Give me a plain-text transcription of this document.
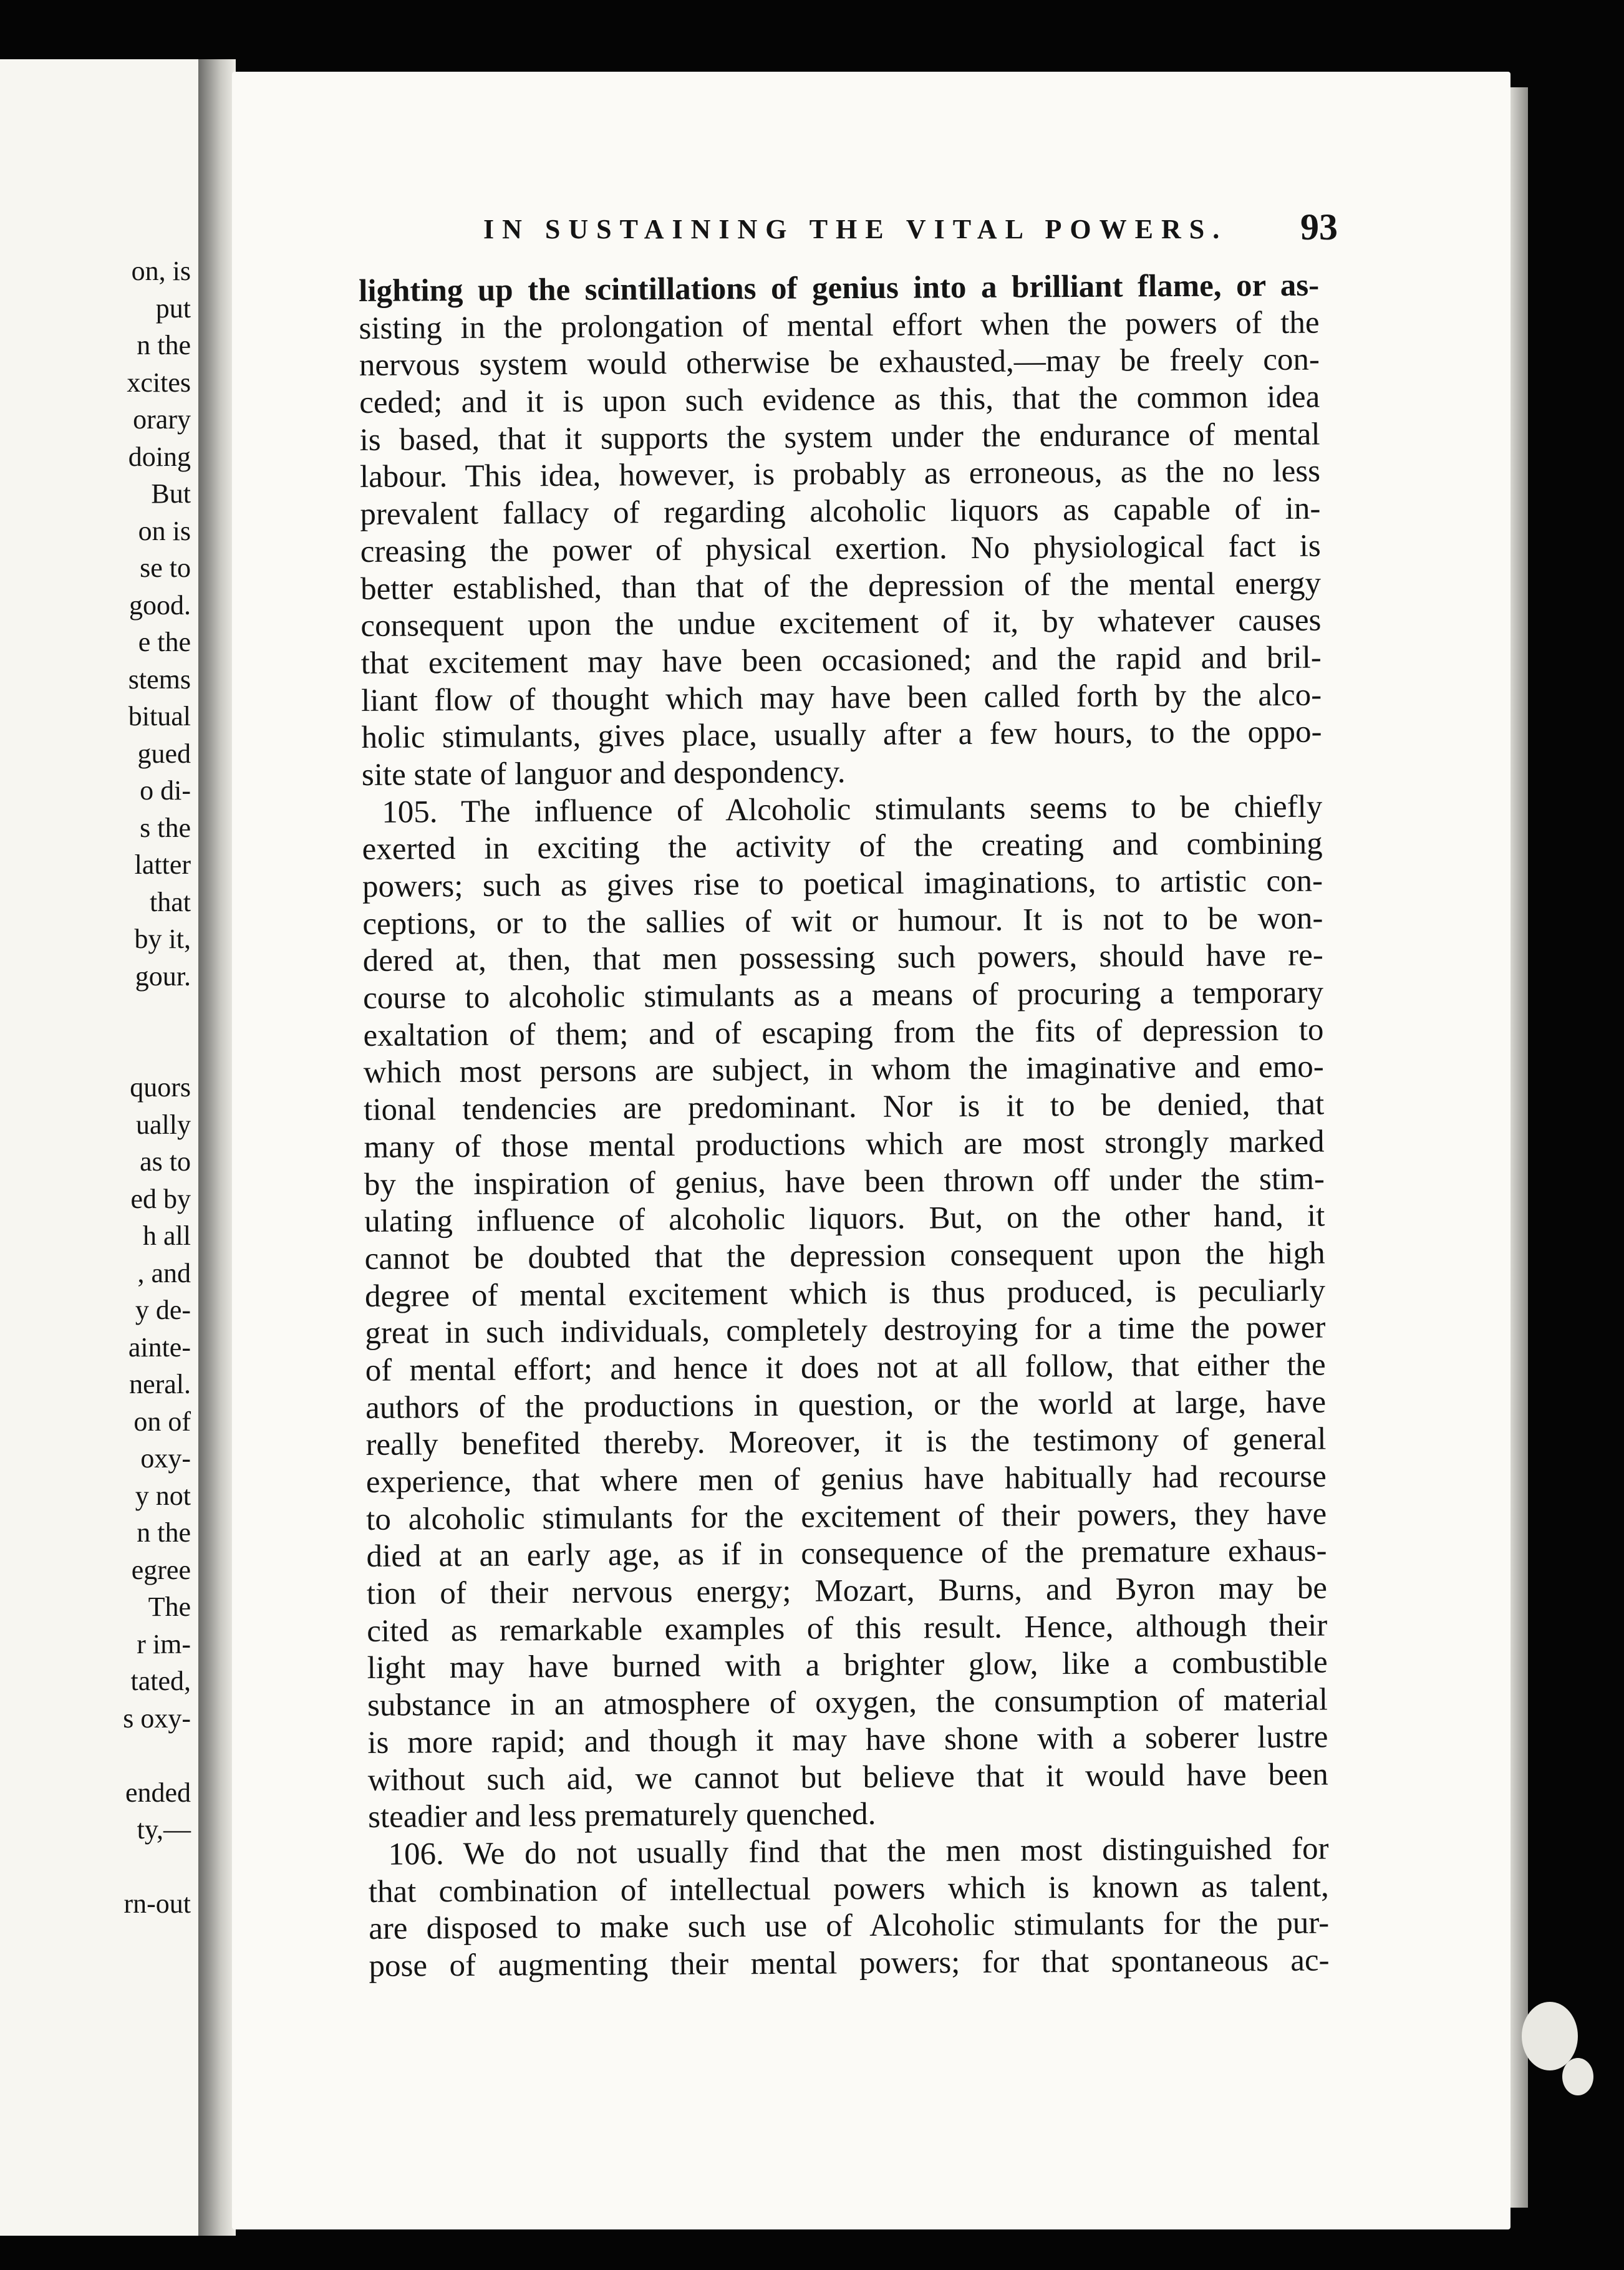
on, is
put
n the
xcites
orary
doing
But
on is
se to
good.
e the
stems
bitual
gued
o di-
s the
latter
that
by it,
gour.
quors
ually
as to
ed by
h all
, and
y de-
ainte-
neral.
on of
oxy-
y not
n the
egree
The
r im-
tated,
s oxy-
ended
ty,—
rn-out
IN SUSTAINING THE VITAL POWERS.	93
lighting up the scintillations of genius into a brilliant flame, or as-
sisting in the prolongation of mental effort when the powers of the
nervous system would otherwise be exhausted,—may be freely con-
ceded; and it is upon such evidence as this, that the common idea
is based, that it supports the system under the endurance of mental
labour. This idea, however, is probably as erroneous, as the no less
prevalent fallacy of regarding alcoholic liquors as capable of in-
creasing the power of physical exertion. No physiological fact is
better established, than that of the depression of the mental energy
consequent upon the undue excitement of it, by whatever causes
that excitement may have been occasioned; and the rapid and bril-
liant flow of thought which may have been called forth by the alco-
holic stimulants, gives place, usually after a few hours, to the oppo-
site state of languor and despondency.
105. The influence of Alcoholic stimulants seems to be chiefly
exerted in exciting the activity of the creating and combining
powers; such as gives rise to poetical imaginations, to artistic con-
ceptions, or to the sallies of wit or humour. It is not to be won-
dered at, then, that men possessing such powers, should have re-
course to alcoholic stimulants as a means of procuring a temporary
exaltation of them; and of escaping from the fits of depression to
which most persons are subject, in whom the imaginative and emo-
tional tendencies are predominant. Nor is it to be denied, that
many of those mental productions which are most strongly marked
by the inspiration of genius, have been thrown off under the stim-
ulating influence of alcoholic liquors. But, on the other hand, it
cannot be doubted that the depression consequent upon the high
degree of mental excitement which is thus produced, is peculiarly
great in such individuals, completely destroying for a time the power
of mental effort; and hence it does not at all follow, that either the
authors of the productions in question, or the world at large, have
really benefited thereby. Moreover, it is the testimony of general
experience, that where men of genius have habitually had recourse
to alcoholic stimulants for the excitement of their powers, they have
died at an early age, as if in consequence of the premature exhaus-
tion of their nervous energy; Mozart, Burns, and Byron may be
cited as remarkable examples of this result. Hence, although their
light may have burned with a brighter glow, like a combustible
substance in an atmosphere of oxygen, the consumption of material
is more rapid; and though it may have shone with a soberer lustre
without such aid, we cannot but believe that it would have been
steadier and less prematurely quenched.
106. We do not usually find that the men most distinguished for
that combination of intellectual powers which is known as talent,
are disposed to make such use of Alcoholic stimulants for the pur-
pose of augmenting their mental powers; for that spontaneous ac-
